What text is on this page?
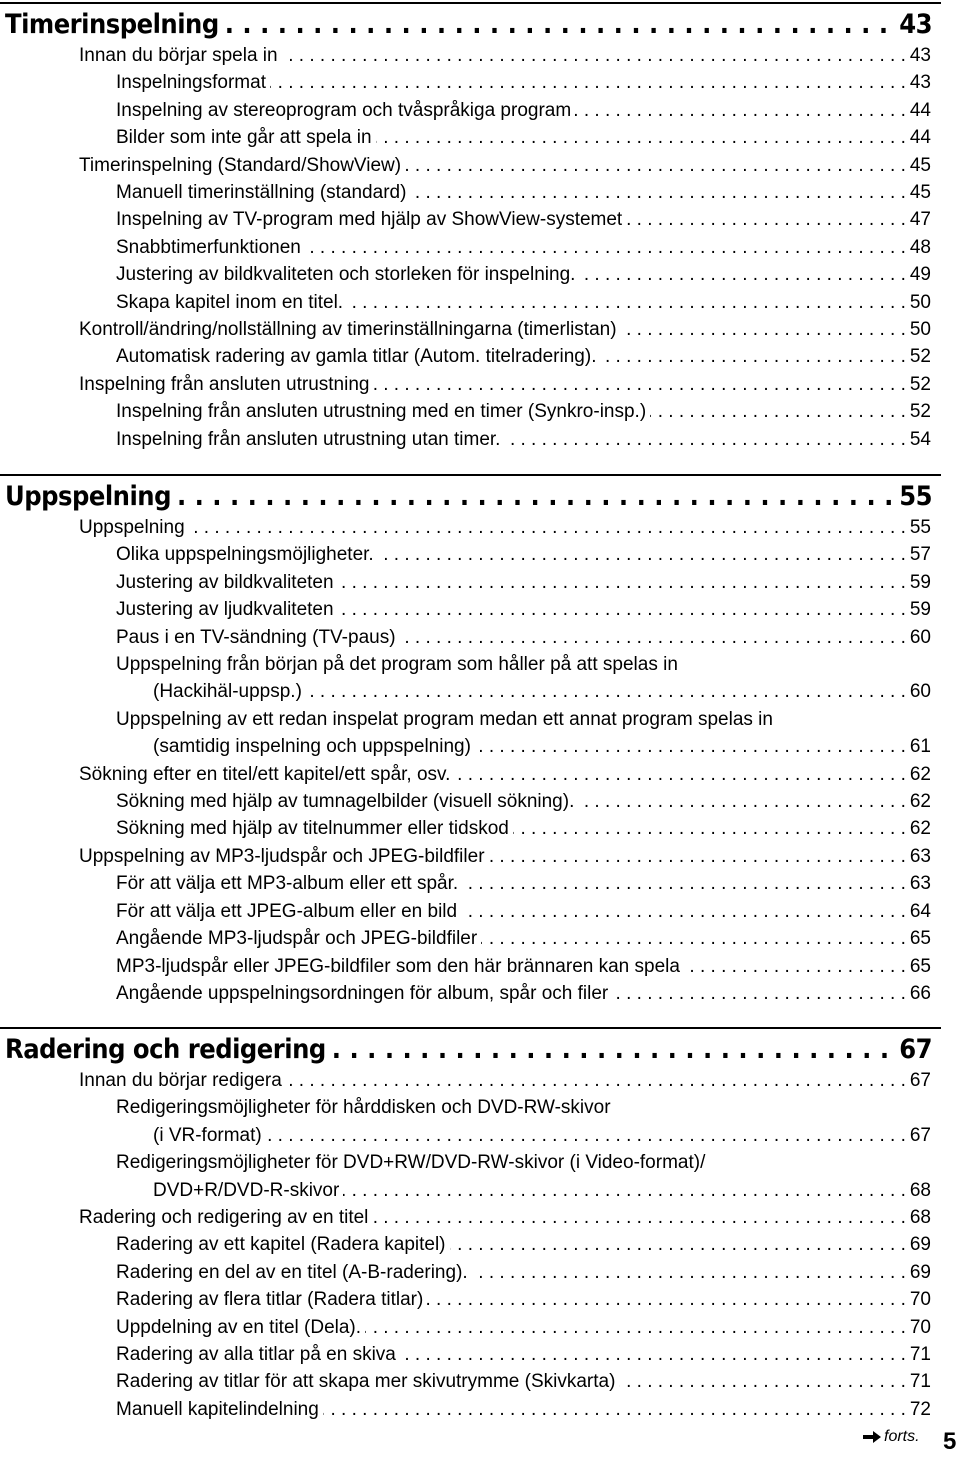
Timerinspelning . . .	43
Innan du börjar spela in . . .	43
Inspelningsformat . . .	43
Inspelning av stereoprogram och tvåspråkiga program . . .	44
Bilder som inte går att spela in . . .	44
Timerinspelning (Standard/ShowView) . . .	45
Manuell timerinställning (standard) . . .	45
Inspelning av TV-program med hjälp av ShowView-systemet . . .	47
Snabbtimerfunktionen . . .	48
Justering av bildkvaliteten och storleken för inspelning. . . .	49
Skapa kapitel inom en titel. . . .	50
Kontroll/ändring/nollställning av timerinställningarna (timerlistan) . . .	50
Automatisk radering av gamla titlar (Autom. titelradering). . . .	52
Inspelning från ansluten utrustning . . .	52
Inspelning från ansluten utrustning med en timer (Synkro-insp.) . . .	52
Inspelning från ansluten utrustning utan timer. . . .	54
Uppspelning . . .	55
Uppspelning . . .	55
Olika uppspelningsmöjligheter. . . .	57
Justering av bildkvaliteten . . .	59
Justering av ljudkvaliteten . . .	59
Paus i en TV-sändning (TV-paus) . . .	60
Uppspelning från början på det program som håller på att spelas in
(Hackihäl-uppsp.) . . .	60
Uppspelning av ett redan inspelat program medan ett annat program spelas in
(samtidig inspelning och uppspelning) . . .	61
Sökning efter en titel/ett kapitel/ett spår, osv. . . .	62
Sökning med hjälp av tumnagelbilder (visuell sökning). . . .	62
Sökning med hjälp av titelnummer eller tidskod . . .	62
Uppspelning av MP3-ljudspår och JPEG-bildfiler . . .	63
För att välja ett MP3-album eller ett spår. . . .	63
För att välja ett JPEG-album eller en bild . . .	64
Angående MP3-ljudspår och JPEG-bildfiler . . .	65
MP3-ljudspår eller JPEG-bildfiler som den här brännaren kan spela . . .	65
Angående uppspelningsordningen för album, spår och filer . . .	66
Radering och redigering . . .	67
Innan du börjar redigera . . .	67
Redigeringsmöjligheter för hårddisken och DVD-RW-skivor
(i VR-format) . . .	67
Redigeringsmöjligheter för DVD+RW/DVD-RW-skivor (i Video-format)/
DVD+R/DVD-R-skivor . . .	68
Radering och redigering av en titel . . .	68
Radering av ett kapitel (Radera kapitel) . . .	69
Radering en del av en titel (A-B-radering). . . .	69
Radering av flera titlar (Radera titlar) . . .	70
Uppdelning av en titel (Dela). . . .	70
Radering av alla titlar på en skiva . . .	71
Radering av titlar för att skapa mer skivutrymme (Skivkarta) . . .	71
Manuell kapitelindelning . . .	72
forts. 5
